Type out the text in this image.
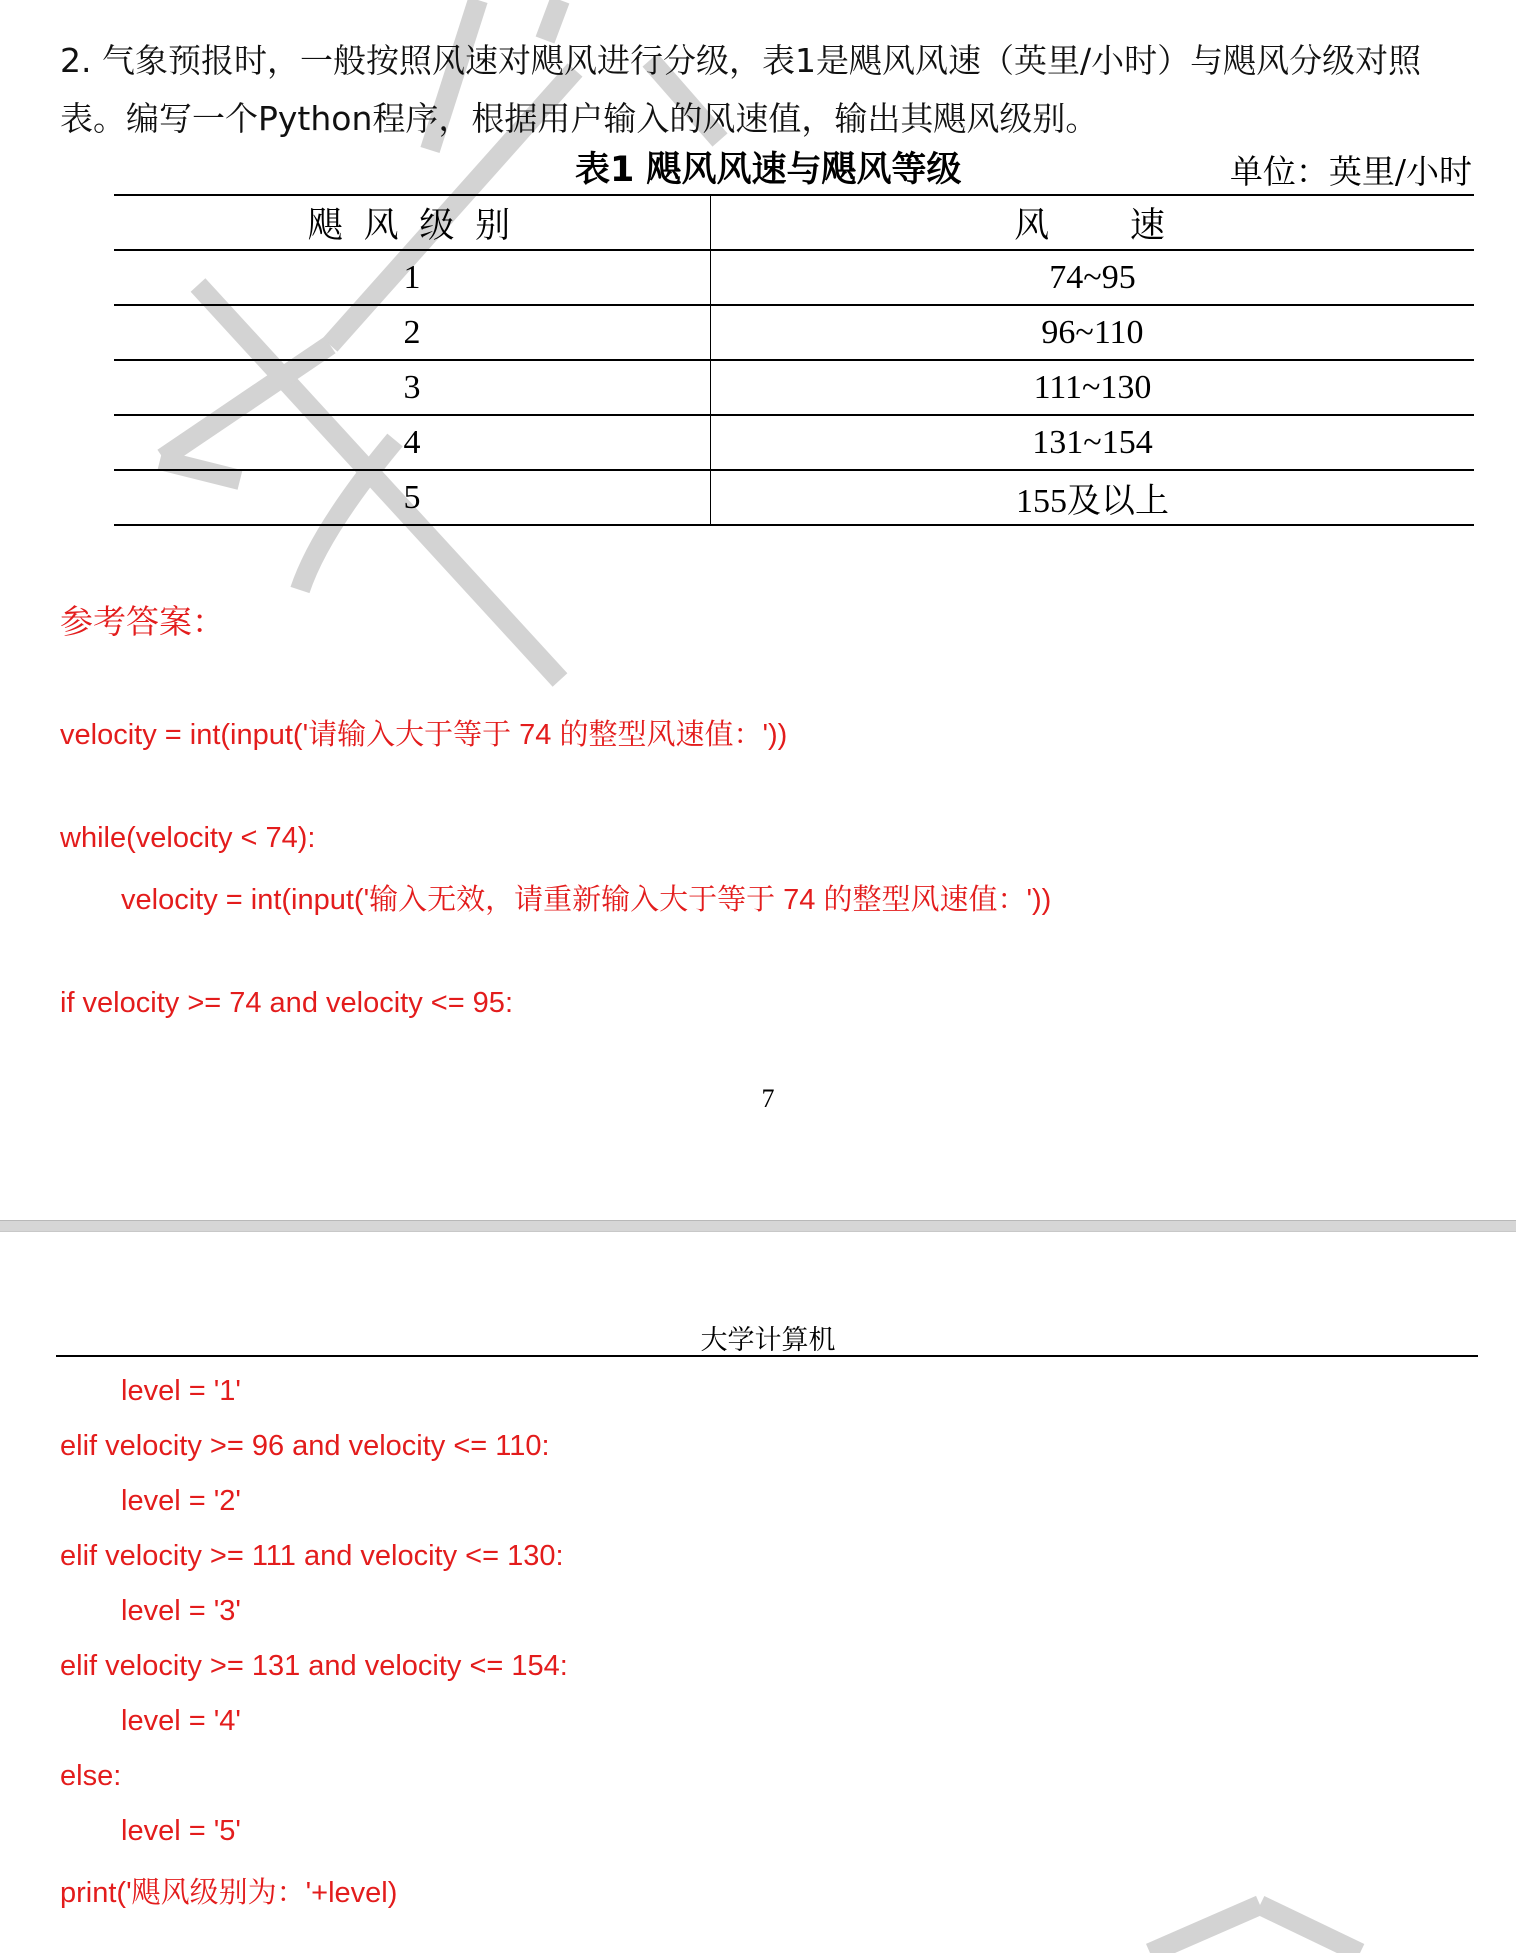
2. 气象预报时，一般按照风速对飓风进行分级，表1是飓风风速（英里/小时）与飓风分级对照表。编写一个Python程序，根据用户输入的风速值，输出其飓风级别。

表1 飓风风速与飓风等级	单位：英里/小时
飓 风 级 别	风 速
1	74~95
2	96~110
3	111~130
4	131~154
5	155及以上
参考答案：
velocity = int(input('请输入大于等于 74 的整型风速值：'))
while(velocity < 74):
velocity = int(input('输入无效，请重新输入大于等于 74 的整型风速值：'))
if velocity >= 74 and velocity <= 95:
7
大学计算机
level = '1'
elif velocity >= 96 and velocity <= 110:
level = '2'
elif velocity >= 111 and velocity <= 130:
level = '3'
elif velocity >= 131 and velocity <= 154:
level = '4'
else:
level = '5'
print('飓风级别为：'+level)
